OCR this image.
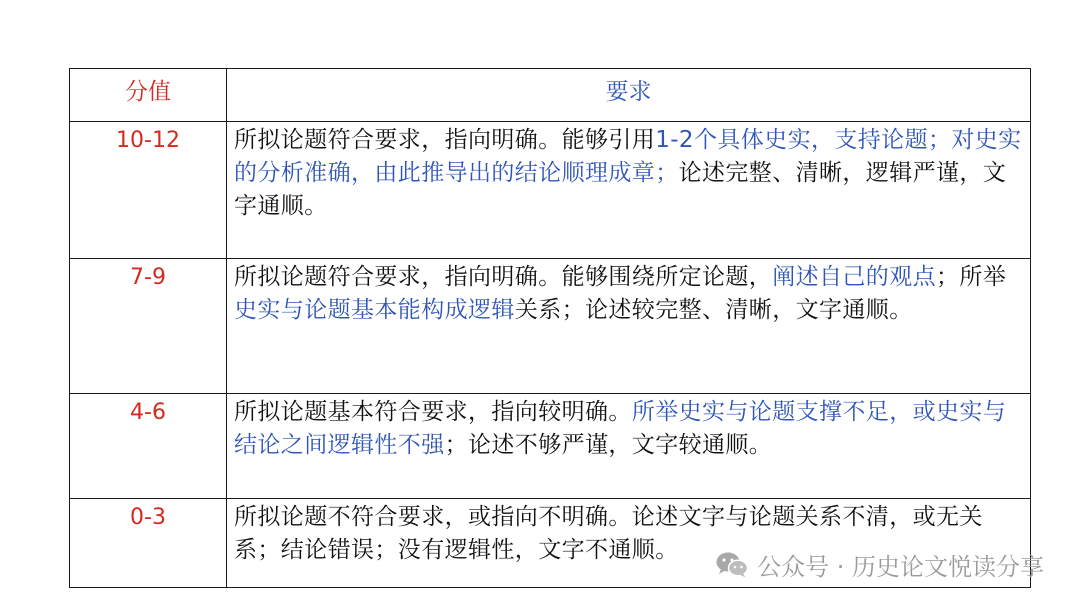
分值	要求
10-12	所拟论题符合要求，指向明确。能够引用1-2个具体史实，支持论题；对史实的分析准确，由此推导出的结论顺理成章；论述完整、清晰，逻辑严谨，文字通顺。
7-9	所拟论题符合要求，指向明确。能够围绕所定论题，阐述自己的观点；所举史实与论题基本能构成逻辑关系；论述较完整、清晰，文字通顺。
4-6	所拟论题基本符合要求，指向较明确。所举史实与论题支撑不足，或史实与结论之间逻辑性不强；论述不够严谨，文字较通顺。
0-3	所拟论题不符合要求，或指向不明确。论述文字与论题关系不清，或无关系；结论错误；没有逻辑性，文字不通顺。
公众号 · 历史论文悦读分享
